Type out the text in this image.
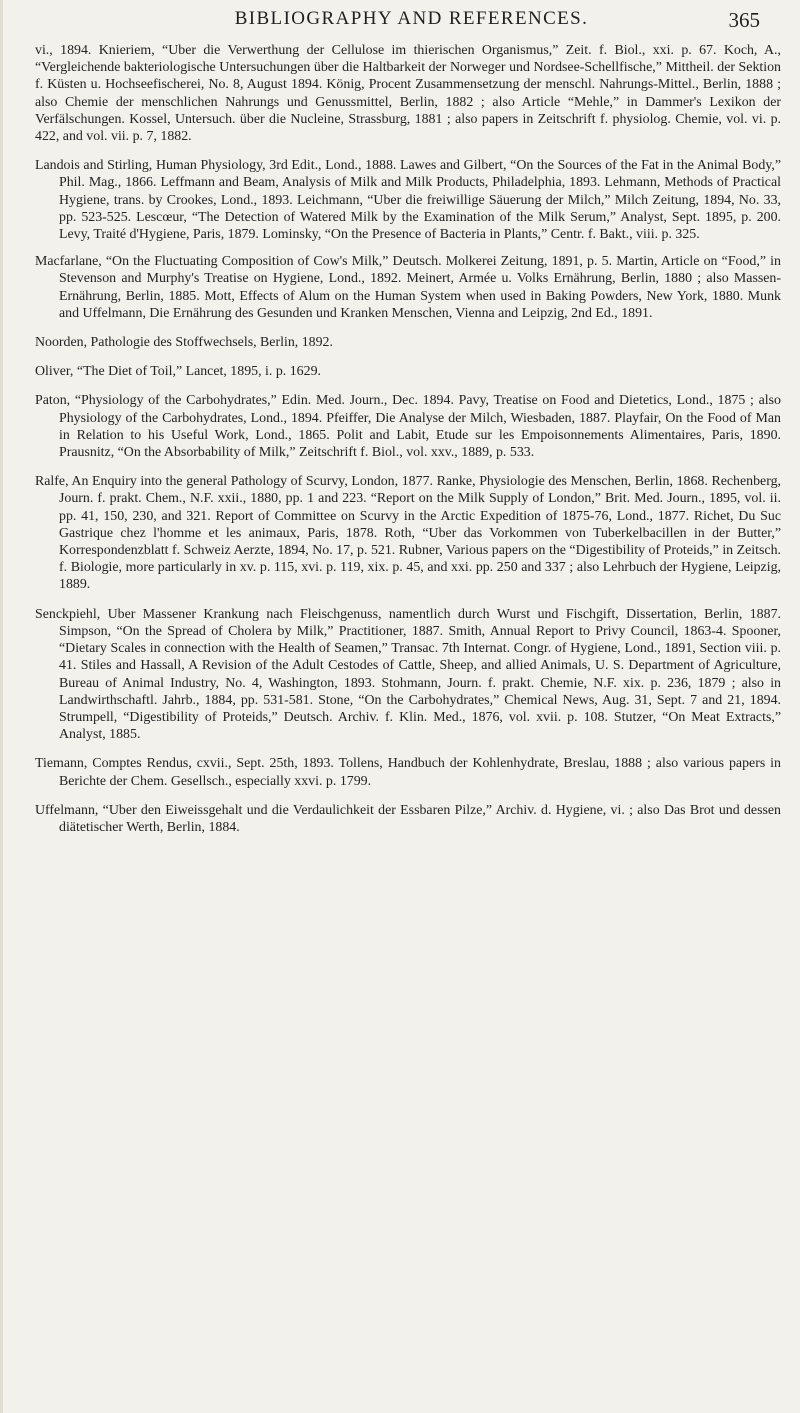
BIBLIOGRAPHY AND REFERENCES.	365

vi., 1894. Knieriem, “Uber die Verwerthung der Cellulose im thierischen Organismus,” Zeit. f. Biol., xxi. p. 67. Koch, A., “Vergleichende bakteriologische Untersuchungen über die Haltbarkeit der Norweger und Nordsee-Schellfische,” Mittheil. der Sektion f. Küsten u. Hochseefischerei, No. 8, August 1894. König, Procent Zusammensetzung der menschl. Nahrungs-Mittel., Berlin, 1888 ; also Chemie der menschlichen Nahrungs und Genussmittel, Berlin, 1882 ; also Article “Mehle,” in Dammer's Lexikon der Verfälschungen. Kossel, Untersuch. über die Nucleine, Strassburg, 1881 ; also papers in Zeitschrift f. physiolog. Chemie, vol. vi. p. 422, and vol. vii. p. 7, 1882.

Landois and Stirling, Human Physiology, 3rd Edit., Lond., 1888. Lawes and Gilbert, “On the Sources of the Fat in the Animal Body,” Phil. Mag., 1866. Leffmann and Beam, Analysis of Milk and Milk Products, Philadelphia, 1893. Lehmann, Methods of Practical Hygiene, trans. by Crookes, Lond., 1893. Leichmann, “Uber die freiwillige Säuerung der Milch,” Milch Zeitung, 1894, No. 33, pp. 523-525. Lescœur, “The Detection of Watered Milk by the Examination of the Milk Serum,” Analyst, Sept. 1895, p. 200. Levy, Traité d'Hygiene, Paris, 1879. Lominsky, “On the Presence of Bacteria in Plants,” Centr. f. Bakt., viii. p. 325.

Macfarlane, “On the Fluctuating Composition of Cow's Milk,” Deutsch. Molkerei Zeitung, 1891, p. 5. Martin, Article on “Food,” in Stevenson and Murphy's Treatise on Hygiene, Lond., 1892. Meinert, Armée u. Volks Ernährung, Berlin, 1880 ; also Massen-Ernährung, Berlin, 1885. Mott, Effects of Alum on the Human System when used in Baking Powders, New York, 1880. Munk and Uffelmann, Die Ernährung des Gesunden und Kranken Menschen, Vienna and Leipzig, 2nd Ed., 1891.

Noorden, Pathologie des Stoffwechsels, Berlin, 1892.

Oliver, “The Diet of Toil,” Lancet, 1895, i. p. 1629.

Paton, “Physiology of the Carbohydrates,” Edin. Med. Journ., Dec. 1894. Pavy, Treatise on Food and Dietetics, Lond., 1875 ; also Physiology of the Carbohydrates, Lond., 1894. Pfeiffer, Die Analyse der Milch, Wiesbaden, 1887. Playfair, On the Food of Man in Relation to his Useful Work, Lond., 1865. Polit and Labit, Etude sur les Empoisonnements Alimentaires, Paris, 1890. Prausnitz, “On the Absorbability of Milk,” Zeitschrift f. Biol., vol. xxv., 1889, p. 533.

Ralfe, An Enquiry into the general Pathology of Scurvy, London, 1877. Ranke, Physiologie des Menschen, Berlin, 1868. Rechenberg, Journ. f. prakt. Chem., N.F. xxii., 1880, pp. 1 and 223. “Report on the Milk Supply of London,” Brit. Med. Journ., 1895, vol. ii. pp. 41, 150, 230, and 321. Report of Committee on Scurvy in the Arctic Expedition of 1875-76, Lond., 1877. Richet, Du Suc Gastrique chez l'homme et les animaux, Paris, 1878. Roth, “Uber das Vorkommen von Tuberkelbacillen in der Butter,” Korrespondenzblatt f. Schweiz Aerzte, 1894, No. 17, p. 521. Rubner, Various papers on the “Digestibility of Proteids,” in Zeitsch. f. Biologie, more particularly in xv. p. 115, xvi. p. 119, xix. p. 45, and xxi. pp. 250 and 337 ; also Lehrbuch der Hygiene, Leipzig, 1889.

Senckpiehl, Uber Massener Krankung nach Fleischgenuss, namentlich durch Wurst und Fischgift, Dissertation, Berlin, 1887. Simpson, “On the Spread of Cholera by Milk,” Practitioner, 1887. Smith, Annual Report to Privy Council, 1863-4. Spooner, “Dietary Scales in connection with the Health of Seamen,” Transac. 7th Internat. Congr. of Hygiene, Lond., 1891, Section viii. p. 41. Stiles and Hassall, A Revision of the Adult Cestodes of Cattle, Sheep, and allied Animals, U. S. Department of Agriculture, Bureau of Animal Industry, No. 4, Washington, 1893. Stohmann, Journ. f. prakt. Chemie, N.F. xix. p. 236, 1879 ; also in Landwirthschaftl. Jahrb., 1884, pp. 531-581. Stone, “On the Carbohydrates,” Chemical News, Aug. 31, Sept. 7 and 21, 1894. Strumpell, “Digestibility of Proteids,” Deutsch. Archiv. f. Klin. Med., 1876, vol. xvii. p. 108. Stutzer, “On Meat Extracts,” Analyst, 1885.

Tiemann, Comptes Rendus, cxvii., Sept. 25th, 1893. Tollens, Handbuch der Kohlenhydrate, Breslau, 1888 ; also various papers in Berichte der Chem. Gesellsch., especially xxvi. p. 1799.

Uffelmann, “Uber den Eiweissgehalt und die Verdaulichkeit der Essbaren Pilze,” Archiv. d. Hygiene, vi. ; also Das Brot und dessen diätetischer Werth, Berlin, 1884.
